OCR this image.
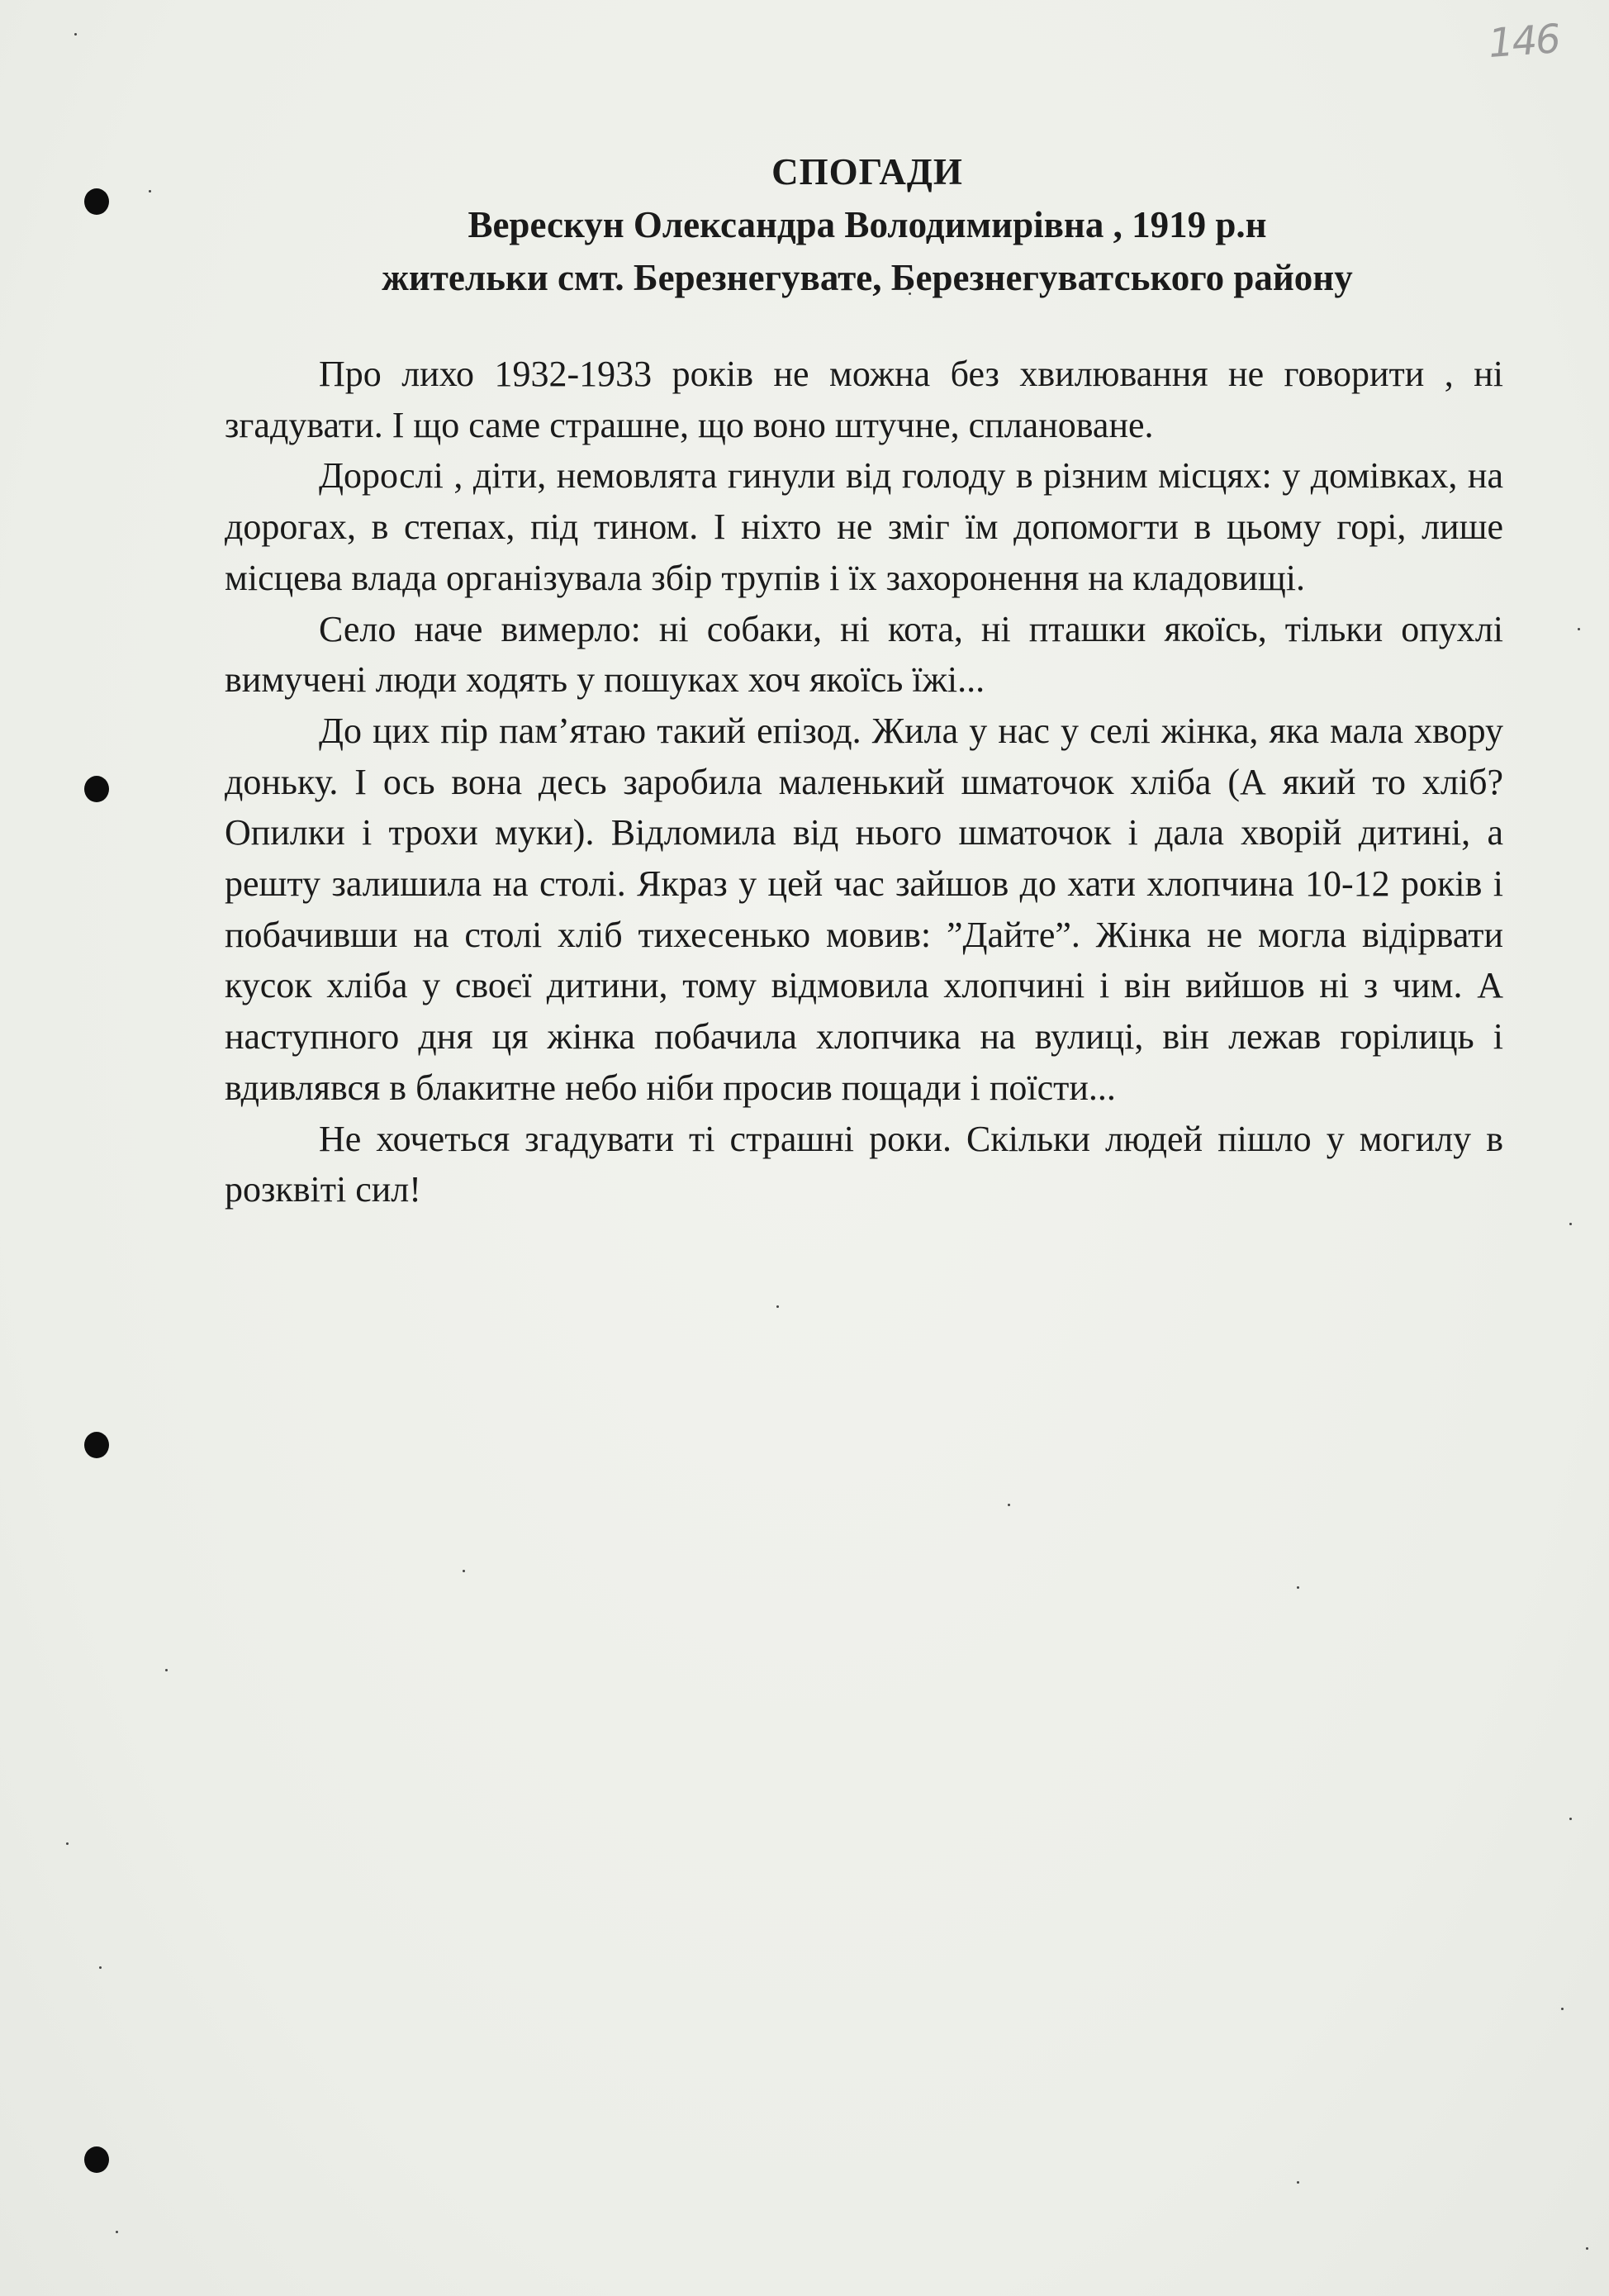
146
СПОГАДИ
Верескун Олександра Володимирівна , 1919 р.н
жительки смт. Березнегувате, Березнегуватського району

Про лихо 1932-1933 років не можна без хвилювання не говорити , ні згадувати. І що саме страшне, що воно штучне, сплановане.

Дорослі , діти, немовлята гинули від голоду в різним місцях: у домівках, на дорогах, в степах, під тином. І ніхто не зміг їм допомогти в цьому горі, лише місцева влада організувала збір трупів і їх захоронення на кладовищі.

Село наче вимерло: ні собаки, ні кота, ні пташки якоїсь, тільки опухлі вимучені люди ходять у пошуках хоч якоїсь їжі...

До цих пір пам’ятаю такий епізод. Жила у нас у селі жінка, яка мала хвору доньку. І ось вона десь заробила маленький шматочок хліба (А який то хліб? Опилки і трохи муки). Відломила від нього шматочок і дала хворій дитині, а решту залишила на столі. Якраз у цей час зайшов до хати хлопчина 10-12 років і побачивши на столі хліб тихесенько мовив: ”Дайте”. Жінка не могла відірвати кусок хліба у своєї дитини, тому відмовила хлопчині і він вийшов ні з чим. А наступного дня ця жінка побачила хлопчика на вулиці, він лежав горілиць і вдивлявся в блакитне небо ніби просив пощади і поїсти...

Не хочеться згадувати ті страшні роки. Скільки людей пішло у могилу в розквіті сил!
